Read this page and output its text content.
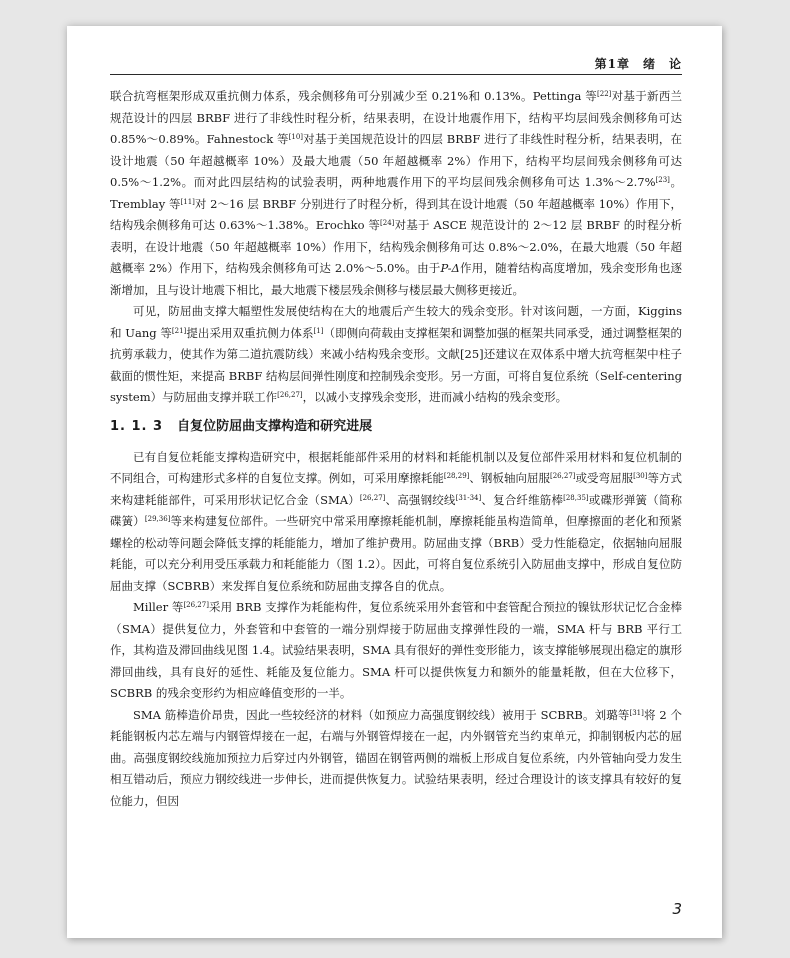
第1章　绪　论

联合抗弯框架形成双重抗侧力体系，残余侧移角可分别减少至 0.21%和 0.13%。Pettinga 等[22]对基于新西兰规范设计的四层 BRBF 进行了非线性时程分析，结果表明，在设计地震作用下，结构平均层间残余侧移角可达 0.85%～0.89%。Fahnestock 等[10]对基于美国规范设计的四层 BRBF 进行了非线性时程分析，结果表明，在设计地震（50 年超越概率 10%）及最大地震（50 年超越概率 2%）作用下，结构平均层间残余侧移角可达 0.5%～1.2%。而对此四层结构的试验表明，两种地震作用下的平均层间残余侧移角可达 1.3%～2.7%[23]。Tremblay 等[11]对 2～16 层 BRBF 分别进行了时程分析，得到其在设计地震（50 年超越概率 10%）作用下，结构残余侧移角可达 0.63%～1.38%。Erochko 等[24]对基于 ASCE 规范设计的 2～12 层 BRBF 的时程分析表明，在设计地震（50 年超越概率 10%）作用下，结构残余侧移角可达 0.8%～2.0%，在最大地震（50 年超越概率 2%）作用下，结构残余侧移角可达 2.0%～5.0%。由于P-Δ作用，随着结构高度增加，残余变形角也逐渐增加，且与设计地震下相比，最大地震下楼层残余侧移与楼层最大侧移更接近。

可见，防屈曲支撑大幅塑性发展使结构在大的地震后产生较大的残余变形。针对该问题，一方面，Kiggins 和 Uang 等[21]提出采用双重抗侧力体系[1]（即侧向荷载由支撑框架和调整加强的框架共同承受，通过调整框架的抗剪承载力，使其作为第二道抗震防线）来减小结构残余变形。文献[25]还建议在双体系中增大抗弯框架中柱子截面的惯性矩，来提高 BRBF 结构层间弹性刚度和控制残余变形。另一方面，可将自复位系统（Self-centering system）与防屈曲支撑并联工作[26,27]，以减小支撑残余变形，进而减小结构的残余变形。

1. 1. 3 自复位防屈曲支撑构造和研究进展

已有自复位耗能支撑构造研究中，根据耗能部件采用的材料和耗能机制以及复位部件采用材料和复位机制的不同组合，可构建形式多样的自复位支撑。例如，可采用摩擦耗能[28,29]、钢板轴向屈服[26,27]或受弯屈服[30]等方式来构建耗能部件，可采用形状记忆合金（SMA）[26,27]、高强钢绞线[31-34]、复合纤维筋棒[28,35]或碟形弹簧（简称碟簧）[29,36]等来构建复位部件。一些研究中常采用摩擦耗能机制，摩擦耗能虽构造简单，但摩擦面的老化和预紧螺栓的松动等问题会降低支撑的耗能能力，增加了维护费用。防屈曲支撑（BRB）受力性能稳定，依据轴向屈服耗能，可以充分利用受压承载力和耗能能力（图 1.2）。因此，可将自复位系统引入防屈曲支撑中，形成自复位防屈曲支撑（SCBRB）来发挥自复位系统和防屈曲支撑各自的优点。

Miller 等[26,27]采用 BRB 支撑作为耗能构件，复位系统采用外套管和中套管配合预拉的镍钛形状记忆合金棒（SMA）提供复位力，外套管和中套管的一端分别焊接于防屈曲支撑弹性段的一端，SMA 杆与 BRB 平行工作，其构造及滞回曲线见图 1.4。试验结果表明，SMA 具有很好的弹性变形能力，该支撑能够展现出稳定的旗形滞回曲线，具有良好的延性、耗能及复位能力。SMA 杆可以提供恢复力和额外的能量耗散，但在大位移下，SCBRB 的残余变形约为相应峰值变形的一半。

SMA 筋棒造价昂贵，因此一些较经济的材料（如预应力高强度钢绞线）被用于 SCBRB。刘璐等[31]将 2 个耗能钢板内芯左端与内钢管焊接在一起，右端与外钢管焊接在一起，内外钢管充当约束单元，抑制钢板内芯的屈曲。高强度钢绞线施加预拉力后穿过内外钢管，锚固在钢管两侧的端板上形成自复位系统，内外管轴向受力发生相互错动后，预应力钢绞线进一步伸长，进而提供恢复力。试验结果表明，经过合理设计的该支撑具有较好的复位能力，但因

3
